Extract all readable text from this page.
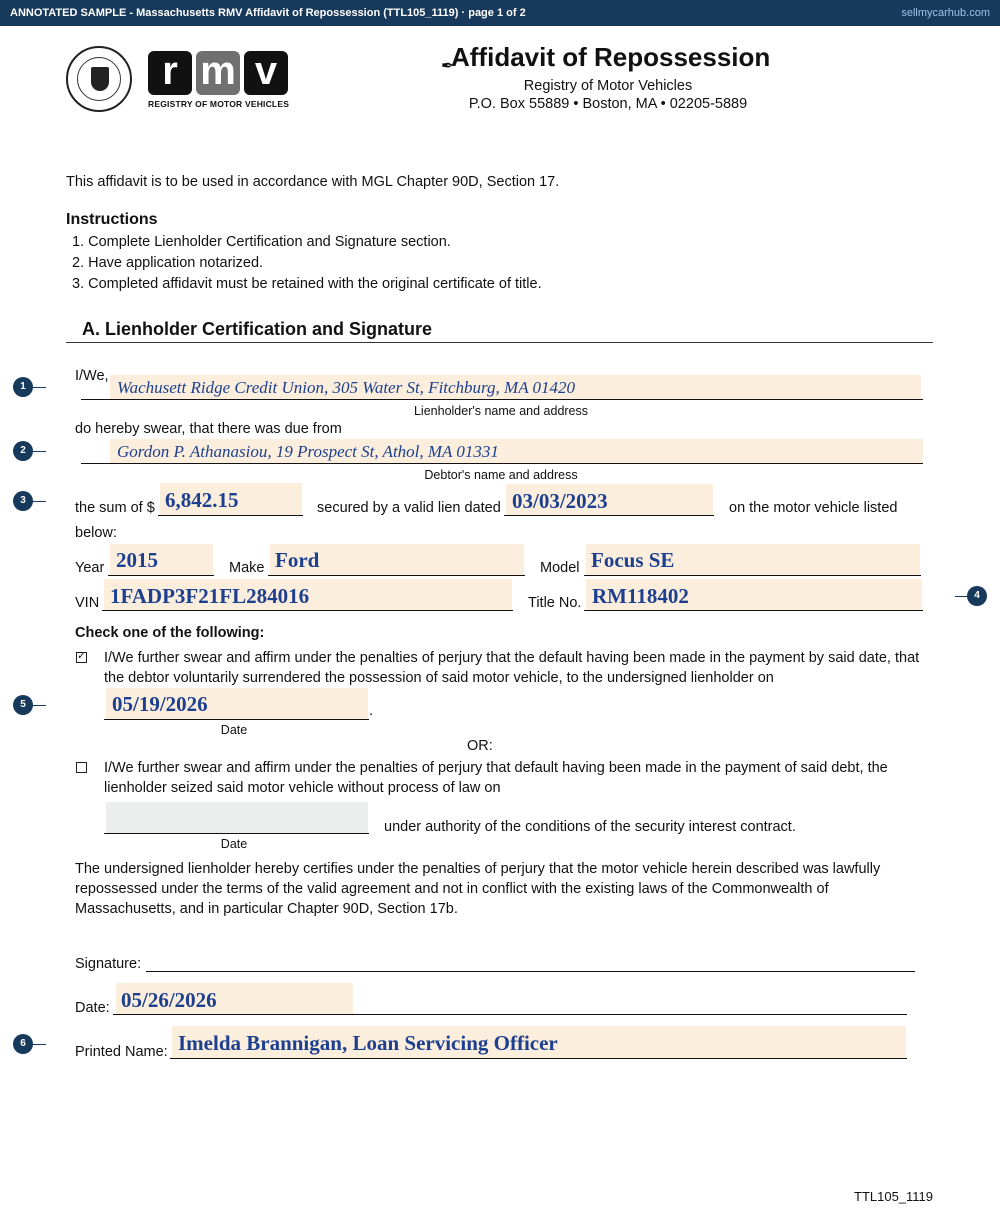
ANNOTATED SAMPLE - Massachusetts RMV Affidavit of Repossession (TTL105_1119) · page 1 of 2	sellmycarhub.com
r m v
REGISTRY OF MOTOR VEHICLES
✒
Affidavit of Repossession
Registry of Motor Vehicles
P.O. Box 55889 • Boston, MA • 02205-5889
This affidavit is to be used in accordance with MGL Chapter 90D, Section 17.
Instructions
1. Complete Lienholder Certification and Signature section.
2. Have application notarized.
3. Completed affidavit must be retained with the original certificate of title.
A. Lienholder Certification and Signature
1
I/We,
Wachusett Ridge Credit Union, 305 Water St, Fitchburg, MA 01420
Lienholder's name and address
do hereby swear, that there was due from
2	Gordon P. Athanasiou, 19 Prospect St, Athol, MA 01331
Debtor's name and address
3	the sum of $ 6,842.15	secured by a valid lien dated 03/03/2023	on the motor vehicle listed
below:
Year 2015	Make Ford	Model Focus SE
VIN 1FADP3F21FL284016	Title No. RM118402	4
Check one of the following:
✓ I/We further swear and affirm under the penalties of perjury that the default having been made in the payment by said date, that
the debtor voluntarily surrendered the possession of said motor vehicle, to the undersigned lienholder on
5	05/19/2026	.
Date
OR:
I/We further swear and affirm under the penalties of perjury that default having been made in the payment of said debt, the
lienholder seized said motor vehicle without process of law on
under authority of the conditions of the security interest contract.
Date
The undersigned lienholder hereby certifies under the penalties of perjury that the motor vehicle herein described was lawfully
repossessed under the terms of the valid agreement and not in conflict with the existing laws of the Commonwealth of
Massachusetts, and in particular Chapter 90D, Section 17b.
Signature:
Date: 05/26/2026
6
Printed Name: Imelda Brannigan, Loan Servicing Officer
TTL105_1119
